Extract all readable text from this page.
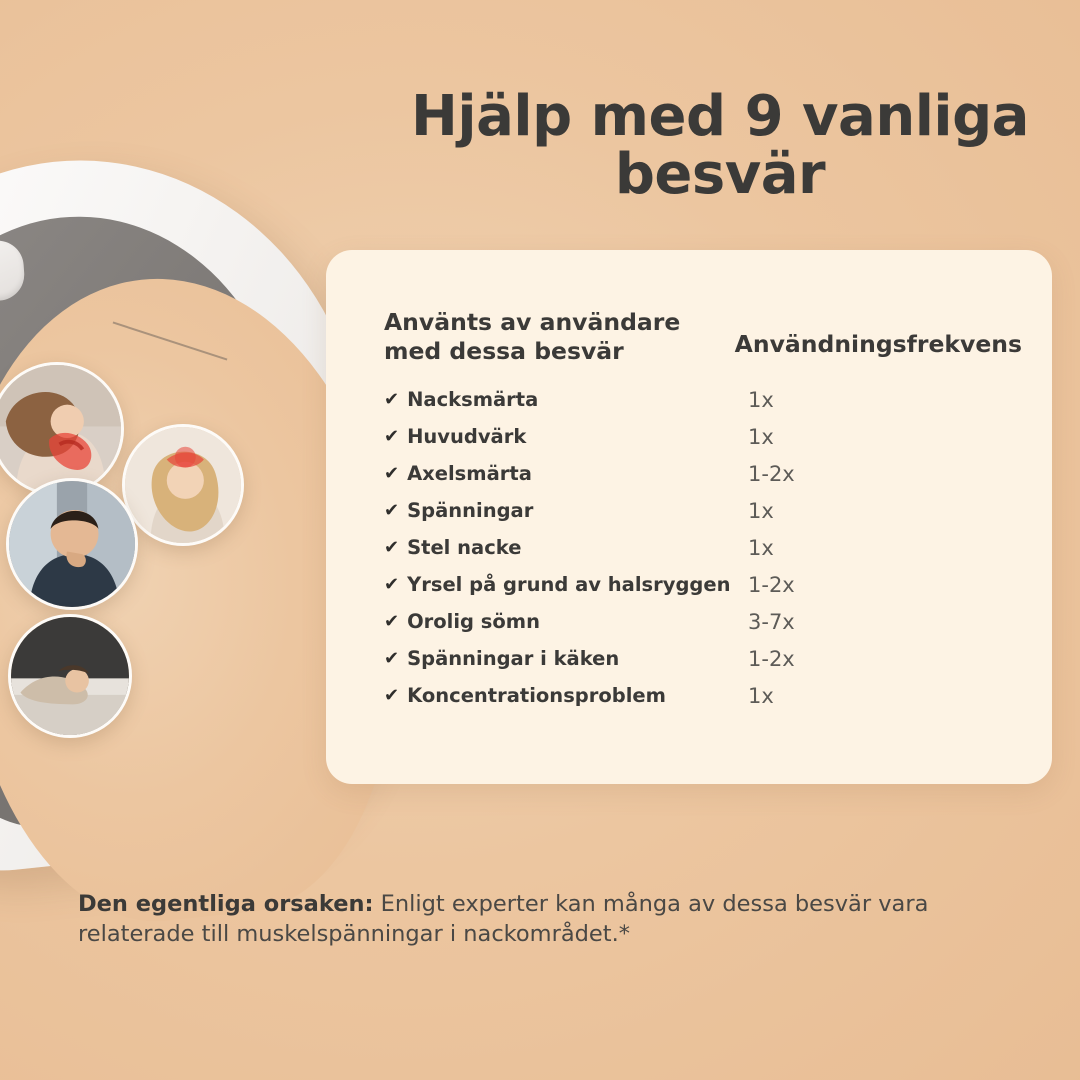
Hjälp med 9 vanliga besvär
Använts av användare med dessa besvär	Användningsfrekvens
✔ Nacksmärta	1x
✔ Huvudvärk	1x
✔ Axelsmärta	1-2x
✔ Spänningar	1x
✔ Stel nacke	1x
✔ Yrsel på grund av halsryggen 1-2x
✔ Orolig sömn	3-7x
✔ Spänningar i käken	1-2x
✔ Koncentrationsproblem	1x
Den egentliga orsaken: Enligt experter kan många av dessa besvär vara relaterade till muskelspänningar i nackområdet.*
